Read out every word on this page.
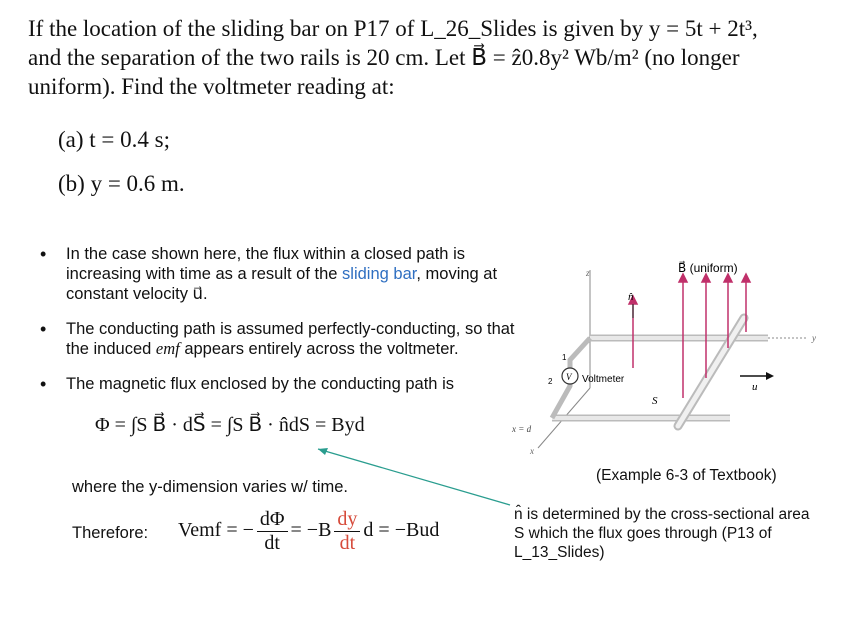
If the location of the sliding bar on P17 of L_26_Slides is given by y = 5t + 2t³,
and the separation of the two rails is 20 cm. Let B⃗ = ẑ0.8y² Wb/m² (no longer
uniform). Find the voltmeter reading at:
(a) t = 0.4 s;
(b) y = 0.6 m.
• In the case shown here, the flux within a closed path is increasing with time as a result of the sliding bar, moving at constant velocity u⃗.
• The conducting path is assumed perfectly-conducting, so that the induced emf appears entirely across the voltmeter.
• The magnetic flux enclosed by the conducting path is
Φ = ∫S B⃗ · dS⃗ = ∫S B⃗ · n̂dS = Byd
where the y-dimension varies w/ time.
Therefore: Vemf = − $\frac{d\Phi}{dt} = -B \frac{dy}{dt}$ d = −Bud
z
x
x = d
y
V Voltmeter
1
2
n̂
B⃗ (uniform)
u⃗
S
(Example 6-3 of Textbook)
n̂ is determined by the cross-sectional area S which the flux goes through (P13 of L_13_Slides)
